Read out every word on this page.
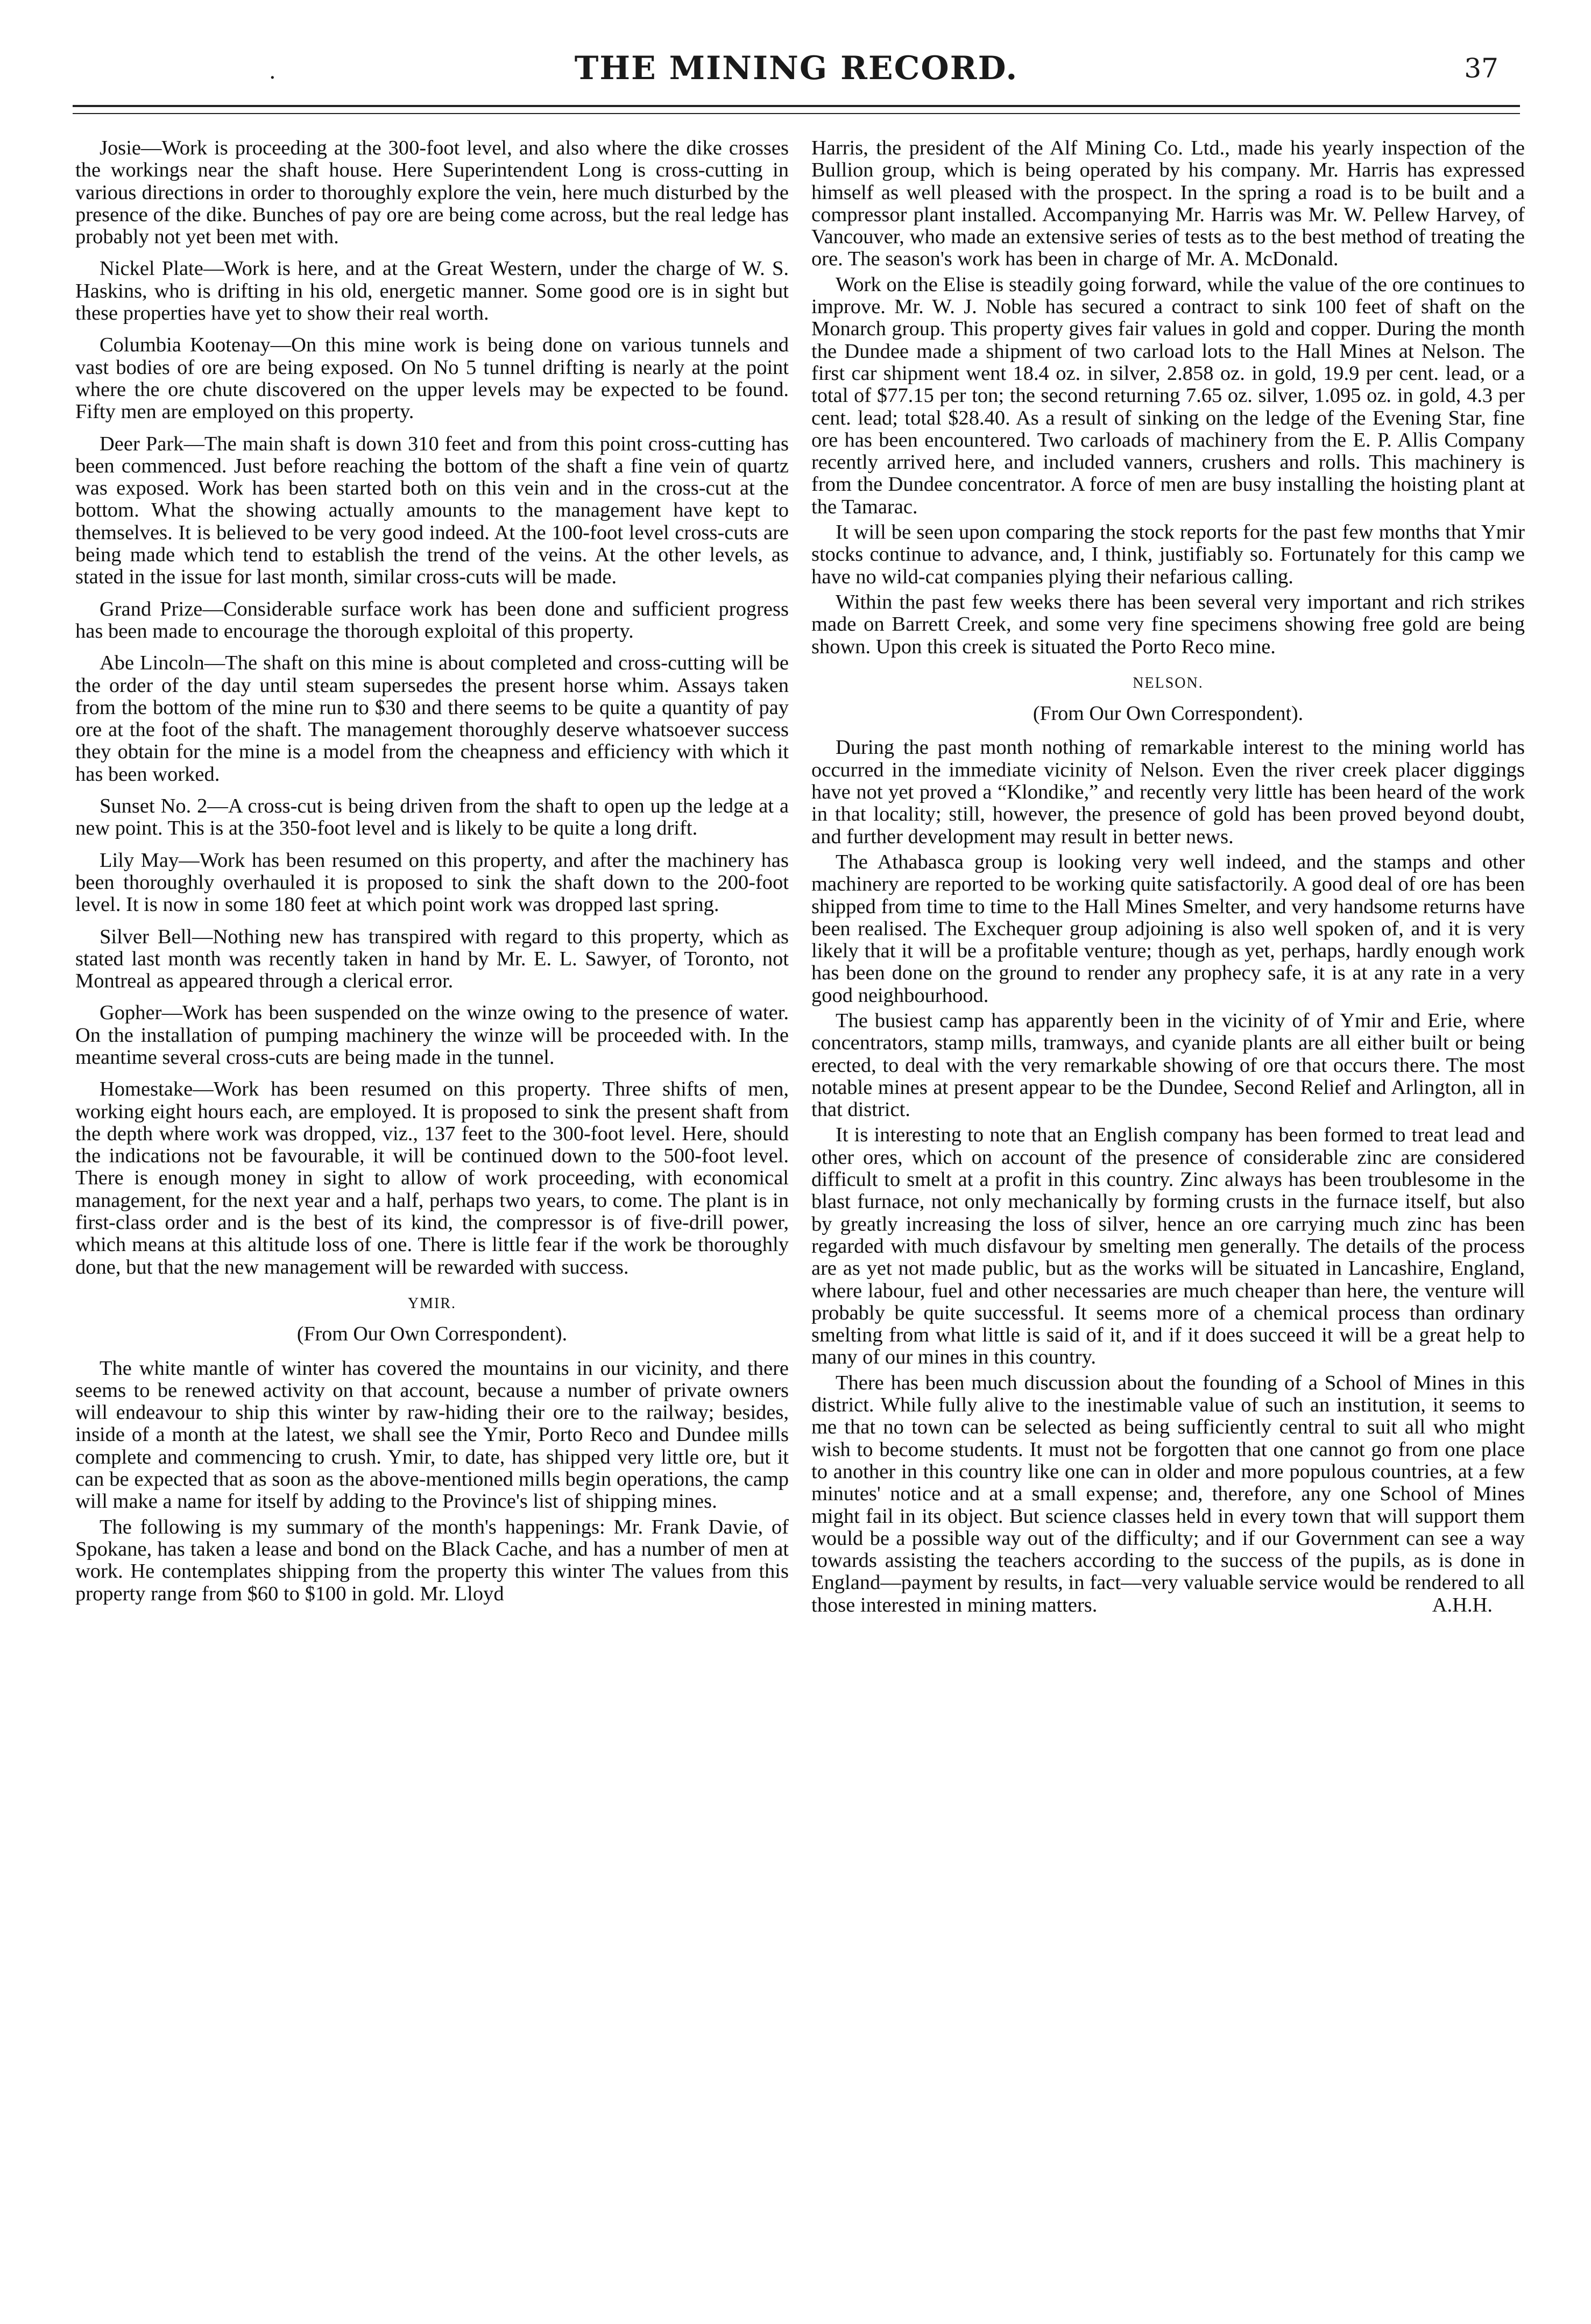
·	THE MINING RECORD.	37

Josie—Work is proceeding at the 300-foot level, and also where the dike crosses the workings near the shaft house. Here Superintendent Long is cross-cutting in various directions in order to thoroughly explore the vein, here much disturbed by the presence of the dike. Bunches of pay ore are being come across, but the real ledge has probably not yet been met with.

Nickel Plate—Work is here, and at the Great Western, under the charge of W. S. Haskins, who is drifting in his old, energetic manner. Some good ore is in sight but these properties have yet to show their real worth.

Columbia Kootenay—On this mine work is being done on various tunnels and vast bodies of ore are being exposed. On No 5 tunnel drifting is nearly at the point where the ore chute discovered on the upper levels may be expected to be found. Fifty men are employed on this property.

Deer Park—The main shaft is down 310 feet and from this point cross-cutting has been commenced. Just before reaching the bottom of the shaft a fine vein of quartz was exposed. Work has been started both on this vein and in the cross-cut at the bottom. What the showing actually amounts to the management have kept to themselves. It is believed to be very good indeed. At the 100-foot level cross-cuts are being made which tend to establish the trend of the veins. At the other levels, as stated in the issue for last month, similar cross-cuts will be made.

Grand Prize—Considerable surface work has been done and sufficient progress has been made to encourage the thorough exploital of this property.

Abe Lincoln—The shaft on this mine is about completed and cross-cutting will be the order of the day until steam supersedes the present horse whim. Assays taken from the bottom of the mine run to $30 and there seems to be quite a quantity of pay ore at the foot of the shaft. The management thoroughly deserve whatsoever success they obtain for the mine is a model from the cheapness and efficiency with which it has been worked.

Sunset No. 2—A cross-cut is being driven from the shaft to open up the ledge at a new point. This is at the 350-foot level and is likely to be quite a long drift.

Lily May—Work has been resumed on this property, and after the machinery has been thoroughly overhauled it is proposed to sink the shaft down to the 200-foot level. It is now in some 180 feet at which point work was dropped last spring.

Silver Bell—Nothing new has transpired with regard to this property, which as stated last month was recently taken in hand by Mr. E. L. Sawyer, of Toronto, not Montreal as appeared through a clerical error.

Gopher—Work has been suspended on the winze owing to the presence of water. On the installation of pumping machinery the winze will be proceeded with. In the meantime several cross-cuts are being made in the tunnel.

Homestake—Work has been resumed on this property. Three shifts of men, working eight hours each, are employed. It is proposed to sink the present shaft from the depth where work was dropped, viz., 137 feet to the 300-foot level. Here, should the indications not be favourable, it will be continued down to the 500-foot level. There is enough money in sight to allow of work proceeding, with economical management, for the next year and a half, perhaps two years, to come. The plant is in first-class order and is the best of its kind, the compressor is of five-drill power, which means at this altitude loss of one. There is little fear if the work be thoroughly done, but that the new management will be rewarded with success.

YMIR.
(From Our Own Correspondent).

The white mantle of winter has covered the mountains in our vicinity, and there seems to be renewed activity on that account, because a number of private owners will endeavour to ship this winter by raw-hiding their ore to the railway; besides, inside of a month at the latest, we shall see the Ymir, Porto Reco and Dundee mills complete and commencing to crush. Ymir, to date, has shipped very little ore, but it can be expected that as soon as the above-mentioned mills begin operations, the camp will make a name for itself by adding to the Province's list of shipping mines.

The following is my summary of the month's happenings: Mr. Frank Davie, of Spokane, has taken a lease and bond on the Black Cache, and has a number of men at work. He contemplates shipping from the property this winter The values from this property range from $60 to $100 in gold. Mr. Lloyd

Harris, the president of the Alf Mining Co. Ltd., made his yearly inspection of the Bullion group, which is being operated by his company. Mr. Harris has expressed himself as well pleased with the prospect. In the spring a road is to be built and a compressor plant installed. Accompanying Mr. Harris was Mr. W. Pellew Harvey, of Vancouver, who made an extensive series of tests as to the best method of treating the ore. The season's work has been in charge of Mr. A. McDonald.

Work on the Elise is steadily going forward, while the value of the ore continues to improve. Mr. W. J. Noble has secured a contract to sink 100 feet of shaft on the Monarch group. This property gives fair values in gold and copper. During the month the Dundee made a shipment of two carload lots to the Hall Mines at Nelson. The first car shipment went 18.4 oz. in silver, 2.858 oz. in gold, 19.9 per cent. lead, or a total of $77.15 per ton; the second returning 7.65 oz. silver, 1.095 oz. in gold, 4.3 per cent. lead; total $28.40. As a result of sinking on the ledge of the Evening Star, fine ore has been encountered. Two carloads of machinery from the E. P. Allis Company recently arrived here, and included vanners, crushers and rolls. This machinery is from the Dundee concentrator. A force of men are busy installing the hoisting plant at the Tamarac.

It will be seen upon comparing the stock reports for the past few months that Ymir stocks continue to advance, and, I think, justifiably so. Fortunately for this camp we have no wild-cat companies plying their nefarious calling.

Within the past few weeks there has been several very important and rich strikes made on Barrett Creek, and some very fine specimens showing free gold are being shown. Upon this creek is situated the Porto Reco mine.

NELSON.
(From Our Own Correspondent).

During the past month nothing of remarkable interest to the mining world has occurred in the immediate vicinity of Nelson. Even the river creek placer diggings have not yet proved a “Klondike,” and recently very little has been heard of the work in that locality; still, however, the presence of gold has been proved beyond doubt, and further development may result in better news.

The Athabasca group is looking very well indeed, and the stamps and other machinery are reported to be working quite satisfactorily. A good deal of ore has been shipped from time to time to the Hall Mines Smelter, and very handsome returns have been realised. The Exchequer group adjoining is also well spoken of, and it is very likely that it will be a profitable venture; though as yet, perhaps, hardly enough work has been done on the ground to render any prophecy safe, it is at any rate in a very good neighbourhood.

The busiest camp has apparently been in the vicinity of of Ymir and Erie, where concentrators, stamp mills, tramways, and cyanide plants are all either built or being erected, to deal with the very remarkable showing of ore that occurs there. The most notable mines at present appear to be the Dundee, Second Relief and Arlington, all in that district.

It is interesting to note that an English company has been formed to treat lead and other ores, which on account of the presence of considerable zinc are considered difficult to smelt at a profit in this country. Zinc always has been troublesome in the blast furnace, not only mechanically by forming crusts in the furnace itself, but also by greatly increasing the loss of silver, hence an ore carrying much zinc has been regarded with much disfavour by smelting men generally. The details of the process are as yet not made public, but as the works will be situated in Lancashire, England, where labour, fuel and other necessaries are much cheaper than here, the venture will probably be quite successful. It seems more of a chemical process than ordinary smelting from what little is said of it, and if it does succeed it will be a great help to many of our mines in this country.

There has been much discussion about the founding of a School of Mines in this district. While fully alive to the inestimable value of such an institution, it seems to me that no town can be selected as being sufficiently central to suit all who might wish to become students. It must not be forgotten that one cannot go from one place to another in this country like one can in older and more populous countries, at a few minutes' notice and at a small expense; and, therefore, any one School of Mines might fail in its object. But science classes held in every town that will support them would be a possible way out of the difficulty; and if our Government can see a way towards assisting the teachers according to the success of the pupils, as is done in England—payment by results, in fact—very valuable service would be rendered to all those interested in mining matters.	A.H.H.
